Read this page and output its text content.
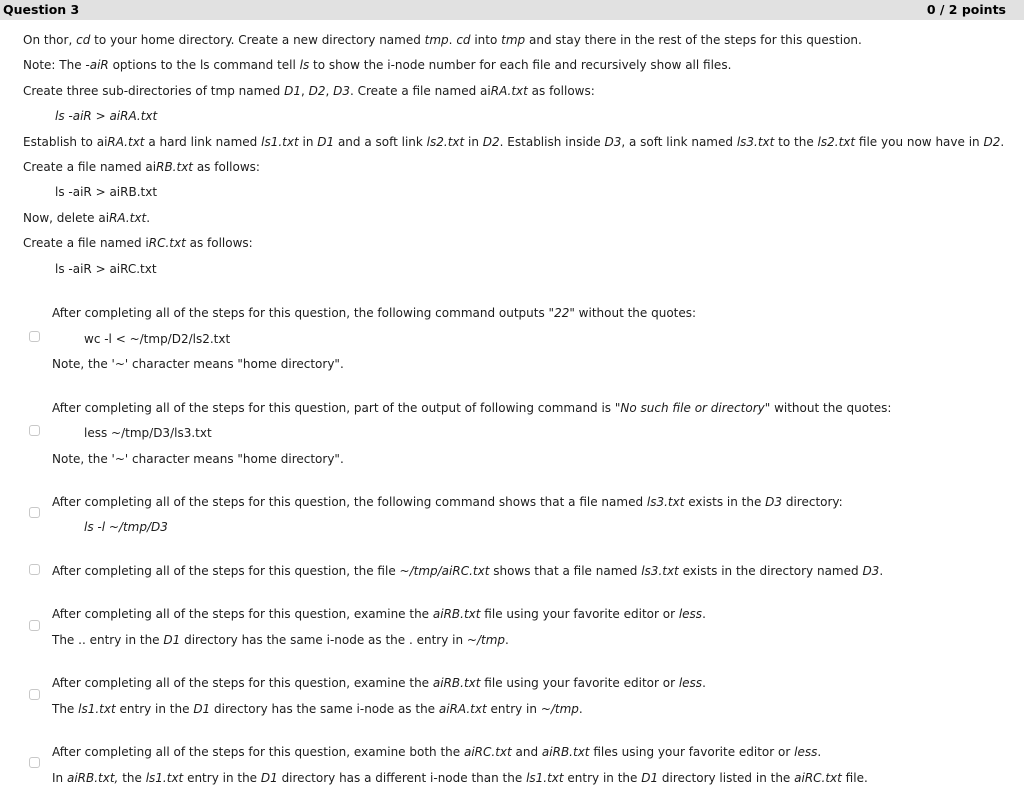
Question 3	0 / 2 points
On thor, cd to your home directory. Create a new directory named tmp. cd into tmp and stay there in the rest of the steps for this question.
Note: The -aiR options to the ls command tell ls to show the i-node number for each file and recursively show all files.
Create three sub-directories of tmp named D1, D2, D3. Create a file named aiRA.txt as follows:
ls -aiR > aiRA.txt
Establish to aiRA.txt a hard link named ls1.txt in D1 and a soft link ls2.txt in D2. Establish inside D3, a soft link named ls3.txt to the ls2.txt file you now have in D2.
Create a file named aiRB.txt as follows:
ls -aiR > aiRB.txt
Now, delete aiRA.txt.
Create a file named iRC.txt as follows:
ls -aiR > aiRC.txt
After completing all of the steps for this question, the following command outputs "22" without the quotes:
wc -l < ~/tmp/D2/ls2.txt
Note, the '~' character means "home directory".
After completing all of the steps for this question, part of the output of following command is "No such file or directory" without the quotes:
less ~/tmp/D3/ls3.txt
Note, the '~' character means "home directory".
After completing all of the steps for this question, the following command shows that a file named ls3.txt exists in the D3 directory:
ls -l ~/tmp/D3
After completing all of the steps for this question, the file ~/tmp/aiRC.txt shows that a file named ls3.txt exists in the directory named D3.
After completing all of the steps for this question, examine the aiRB.txt file using your favorite editor or less.
The .. entry in the D1 directory has the same i-node as the . entry in ~/tmp.
After completing all of the steps for this question, examine the aiRB.txt file using your favorite editor or less.
The ls1.txt entry in the D1 directory has the same i-node as the aiRA.txt entry in ~/tmp.
After completing all of the steps for this question, examine both the aiRC.txt and aiRB.txt files using your favorite editor or less.
In aiRB.txt, the ls1.txt entry in the D1 directory has a different i-node than the ls1.txt entry in the D1 directory listed in the aiRC.txt file.
